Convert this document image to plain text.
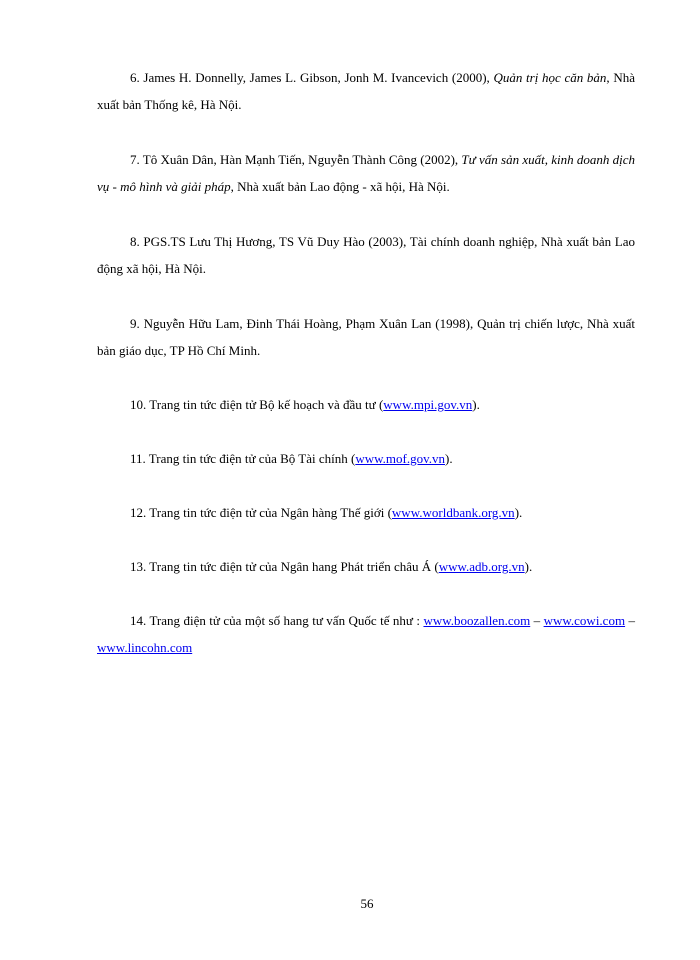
6. James H. Donnelly, James L. Gibson, Jonh M. Ivancevich (2000), Quản trị học căn bản, Nhà xuất bản Thống kê, Hà Nội.

7. Tô Xuân Dân, Hàn Mạnh Tiến, Nguyễn Thành Công (2002), Tư vấn sản xuất, kinh doanh dịch vụ - mô hình và giải pháp, Nhà xuất bản Lao động - xã hội, Hà Nội.

8. PGS.TS Lưu Thị Hương, TS Vũ Duy Hào (2003), Tài chính doanh nghiệp, Nhà xuất bản Lao động xã hội, Hà Nội.

9. Nguyễn Hữu Lam, Đinh Thái Hoàng, Phạm Xuân Lan (1998), Quản trị chiến lược, Nhà xuất bản giáo dục, TP Hồ Chí Minh.

10. Trang tin tức điện tử Bộ kế hoạch và đầu tư (www.mpi.gov.vn).

11. Trang tin tức điện tử của Bộ Tài chính (www.mof.gov.vn).

12. Trang tin tức điện tử của Ngân hàng Thế giới (www.worldbank.org.vn).

13. Trang tin tức điện tử của Ngân hang Phát triển châu Á (www.adb.org.vn).

14. Trang điện tử của một số hang tư vấn Quốc tế như : www.boozallen.com – www.cowi.com – www.lincohn.com

56
